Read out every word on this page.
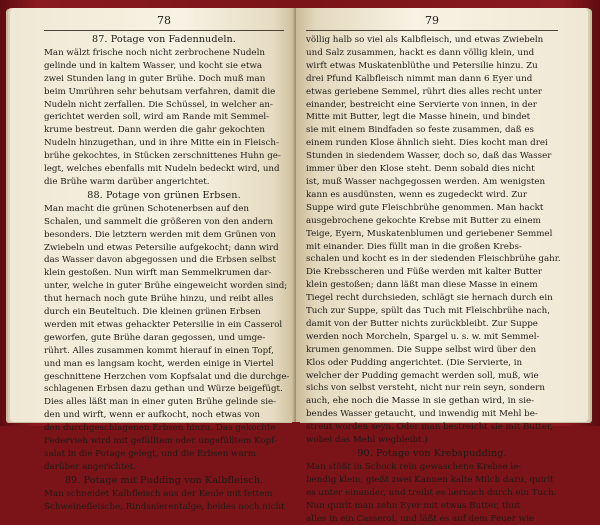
78
87. Potage von Fadennudeln.
Man wälzt frische noch nicht zerbrochene Nudeln
gelinde und in kaltem Wasser, und kocht sie etwa
zwei Stunden lang in guter Brühe. Doch muß man
beim Umrühren sehr behutsam verfahren, damit die
Nudeln nicht zerfallen. Die Schüssel, in welcher an-
gerichtet werden soll, wird am Rande mit Semmel-
krume bestreut. Dann werden die gahr gekochten
Nudeln hinzugethan, und in ihre Mitte ein in Fleisch-
brühe gekochtes, in Stücken zerschnittenes Huhn ge-
legt, welches ebenfalls mit Nudeln bedeckt wird, und
die Brühe warm darüber angerichtet.
88. Potage von grünen Erbsen.
Man macht die grünen Schotenerbsen auf den
Schalen, und sammelt die größeren von den andern
besonders. Die letztern werden mit dem Grünen von
Zwiebeln und etwas Petersilie aufgekocht; dann wird
das Wasser davon abgegossen und die Erbsen selbst
klein gestoßen. Nun wirft man Semmelkrumen dar-
unter, welche in guter Brühe eingeweicht worden sind;
thut hernach noch gute Brühe hinzu, und reibt alles
durch ein Beuteltuch. Die kleinen grünen Erbsen
werden mit etwas gehackter Petersilie in ein Casserol
geworfen, gute Brühe daran gegossen, und umge-
rührt. Alles zusammen kommt hierauf in einen Topf,
und man es langsam kocht, werden einige in Viertel
geschnittene Herzchen vom Kopfsalat und die durchge-
schlagenen Erbsen dazu gethan und Würze beigefügt.
Dies alles läßt man in einer guten Brühe gelinde sie-
den und wirft, wenn er aufkocht, noch etwas von
den durchgeschlagenen Erbsen hinzu. Das gekochte
Federvieh wird mit gefülltem oder ungefülltem Kopf-
salat in die Potage gelegt, und die Erbsen warm
darüber angerichtet.
89. Potage mit Pudding von Kalbfleisch.
Man schneidet Kalbfleisch aus der Keule mit fettem
Schweinefleische, Rindsnierentalge, beides noch nicht
79
völlig halb so viel als Kalbfleisch, und etwas Zwiebeln
und Salz zusammen, hackt es dann völlig klein, und
wirft etwas Muskatenblüthe und Petersilie hinzu. Zu
drei Pfund Kalbfleisch nimmt man dann 6 Eyer und
etwas geriebene Semmel, rührt dies alles recht unter
einander, bestreicht eine Servierte von innen, in der
Mitte mit Butter, legt die Masse hinein, und bindet
sie mit einem Bindfaden so feste zusammen, daß es
einem runden Klose ähnlich sieht. Dies kocht man drei
Stunden in siedendem Wasser, doch so, daß das Wasser
immer über den Klose steht. Denn sobald dies nicht
ist, muß Wasser nachgegossen werden. Am wenigsten
kann es ausdünsten, wenn es zugedeckt wird. Zur
Suppe wird gute Fleischbrühe genommen. Man hackt
ausgebrochene gekochte Krebse mit Butter zu einem
Teige, Eyern, Muskatenblumen und geriebener Semmel
mit einander. Dies füllt man in die großen Krebs-
schalen und kocht es in der siedenden Fleischbrühe gahr.
Die Krebsscheren und Füße werden mit kalter Butter
klein gestoßen; dann läßt man diese Masse in einem
Tiegel recht durchsieden, schlägt sie hernach durch ein
Tuch zur Suppe, spült das Tuch mit Fleischbrühe nach,
damit von der Butter nichts zurückbleibt. Zur Suppe
werden noch Morcheln, Spargel u. s. w. mit Semmel-
krumen genommen. Die Suppe selbst wird über den
Klos oder Pudding angerichtet. (Die Servierte, in
welcher der Pudding gemacht werden soll, muß, wie
sichs von selbst versteht, nicht nur rein seyn, sondern
auch, ehe noch die Masse in sie gethan wird, in sie-
bendes Wasser getaucht, und inwendig mit Mehl be-
streut worden seyn. Oder man bestreicht sie mit Butter,
wobei das Mehl wegbleibt.)
90. Potage von Krebspudding.
Man stößt in Schock rein gewaschene Krebse le-
bendig klein, gießt zwei Kannen kalte Milch dazu, quirlt
es unter einander, und treibt es hernach durch ein Tuch.
Nun quirlt man zehn Eyer mit etwas Butter, thut
alles in ein Casserol, und läßt es auf dem Feuer wie
